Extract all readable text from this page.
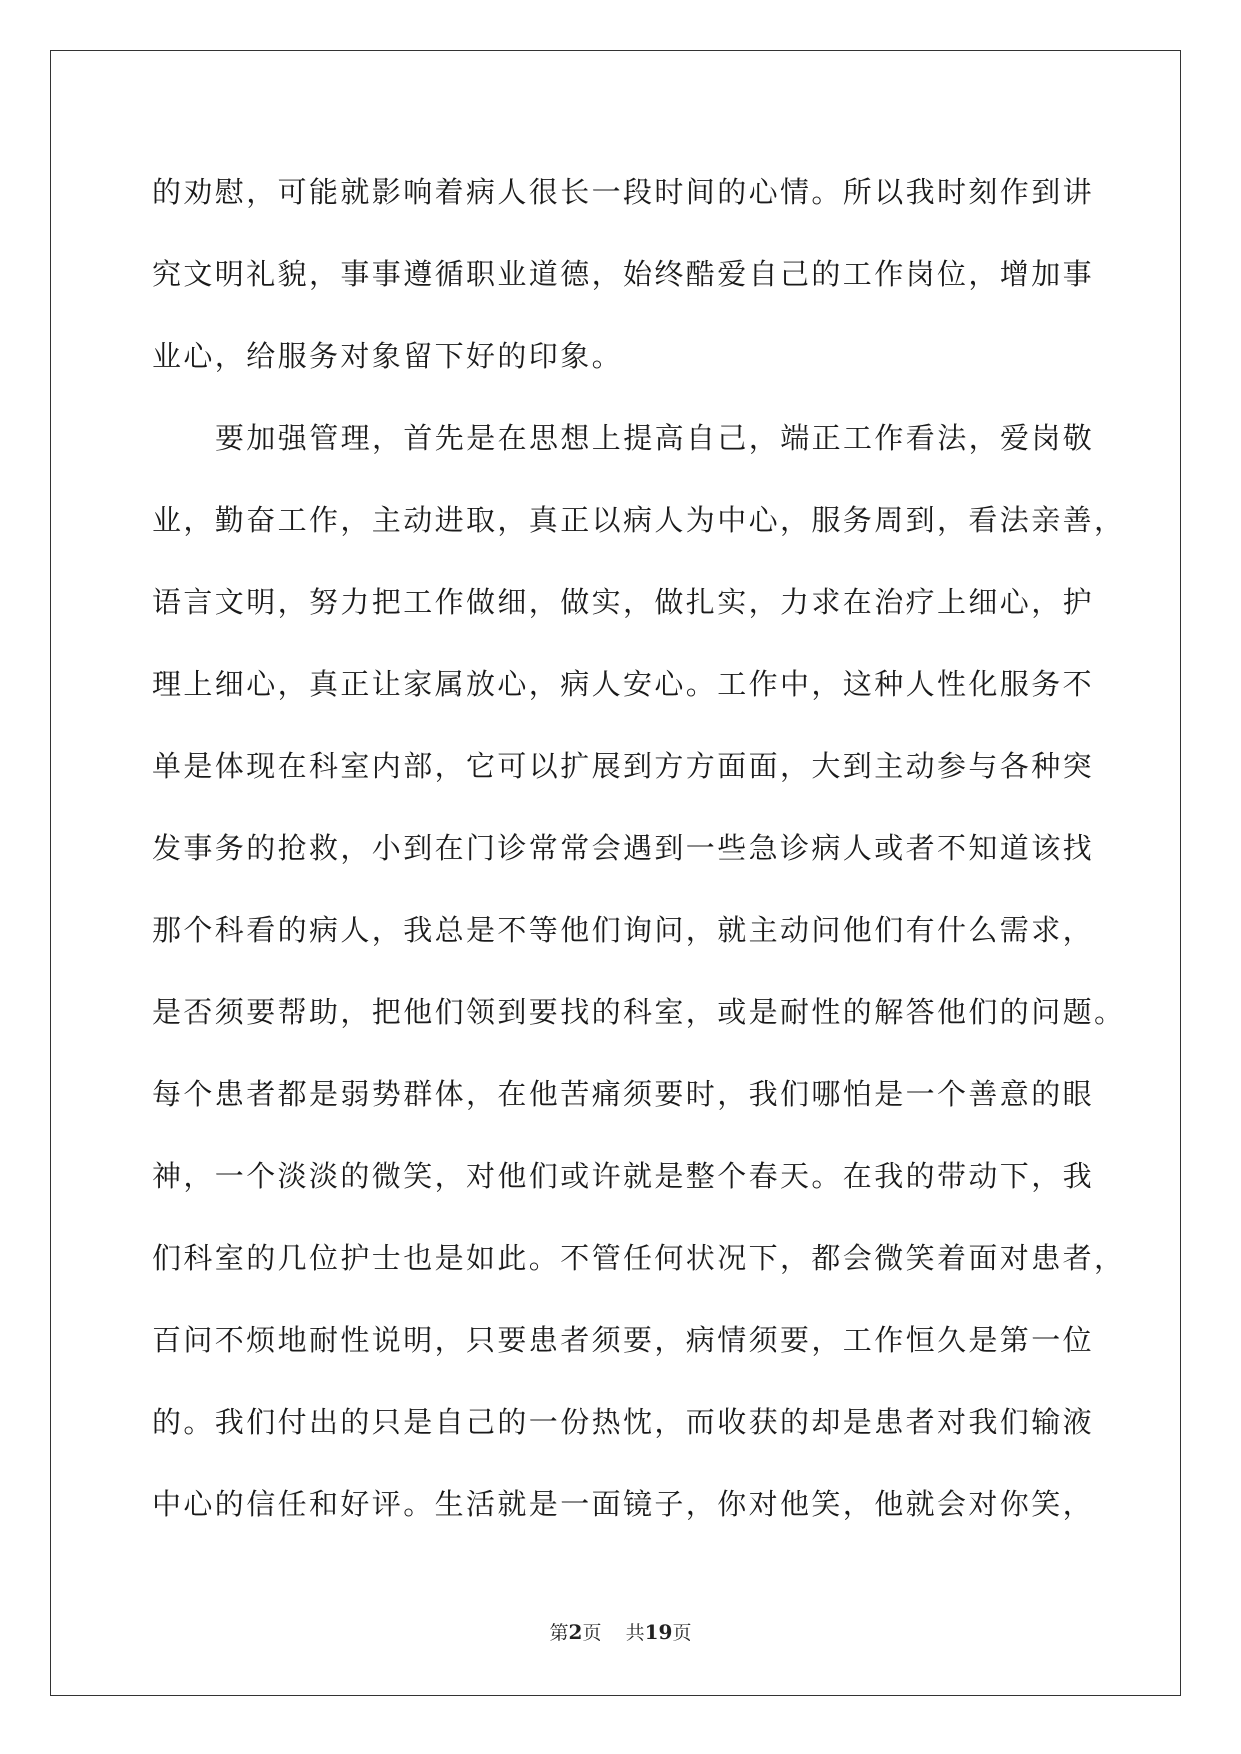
的劝慰，可能就影响着病人很长一段时间的心情。所以我时刻作到讲
究文明礼貌，事事遵循职业道德，始终酷爱自己的工作岗位，增加事
业心，给服务对象留下好的印象。
要加强管理，首先是在思想上提高自己，端正工作看法，爱岗敬
业，勤奋工作，主动进取，真正以病人为中心，服务周到，看法亲善，
语言文明，努力把工作做细，做实，做扎实，力求在治疗上细心，护
理上细心，真正让家属放心，病人安心。工作中，这种人性化服务不
单是体现在科室内部，它可以扩展到方方面面，大到主动参与各种突
发事务的抢救，小到在门诊常常会遇到一些急诊病人或者不知道该找
那个科看的病人，我总是不等他们询问，就主动问他们有什么需求，
是否须要帮助，把他们领到要找的科室，或是耐性的解答他们的问题。
每个患者都是弱势群体，在他苦痛须要时，我们哪怕是一个善意的眼
神，一个淡淡的微笑，对他们或许就是整个春天。在我的带动下，我
们科室的几位护士也是如此。不管任何状况下，都会微笑着面对患者，
百问不烦地耐性说明，只要患者须要，病情须要，工作恒久是第一位
的。我们付出的只是自己的一份热忱，而收获的却是患者对我们输液
中心的信任和好评。生活就是一面镜子，你对他笑，他就会对你笑，
第2页 共19页
